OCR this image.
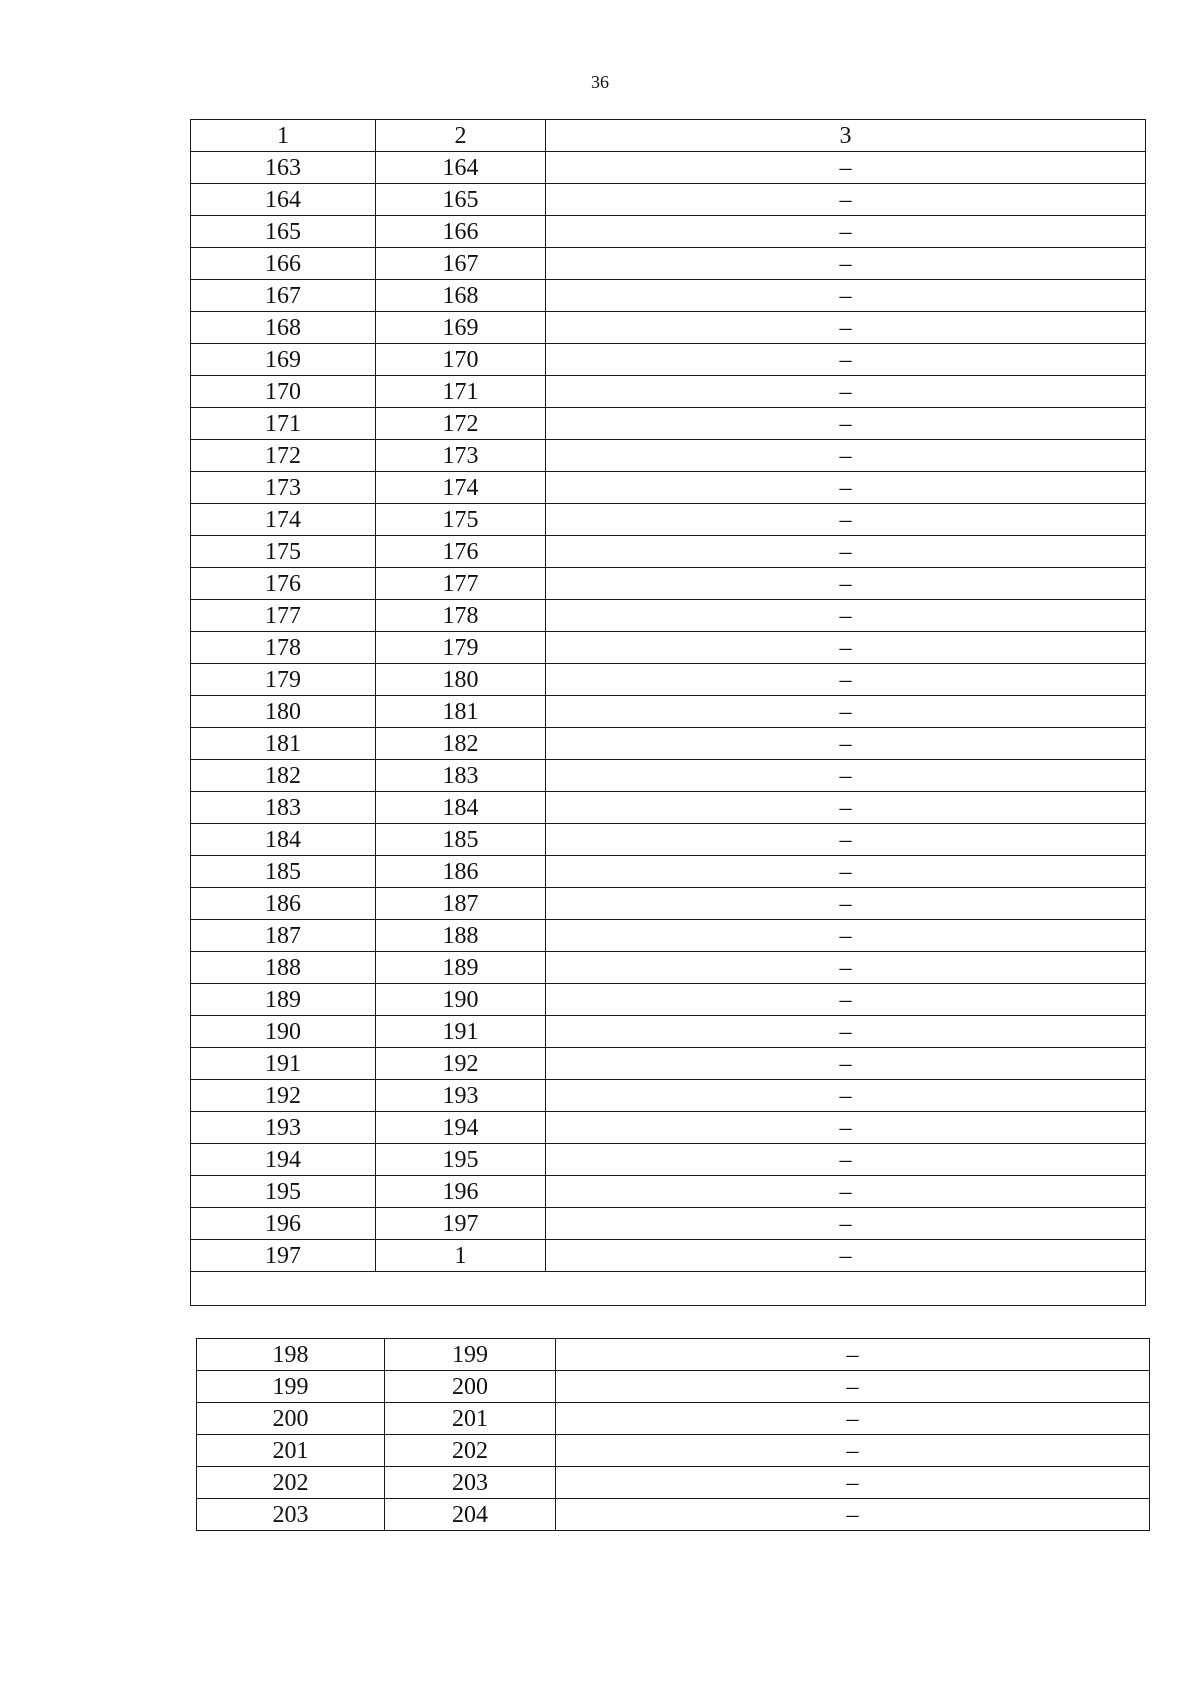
36
1	2	3
163	164	–
164	165	–
165	166	–
166	167	–
167	168	–
168	169	–
169	170	–
170	171	–
171	172	–
172	173	–
173	174	–
174	175	–
175	176	–
176	177	–
177	178	–
178	179	–
179	180	–
180	181	–
181	182	–
182	183	–
183	184	–
184	185	–
185	186	–
186	187	–
187	188	–
188	189	–
189	190	–
190	191	–
191	192	–
192	193	–
193	194	–
194	195	–
195	196	–
196	197	–
197	1	–

198	199	–
199	200	–
200	201	–
201	202	–
202	203	–
203	204	–
